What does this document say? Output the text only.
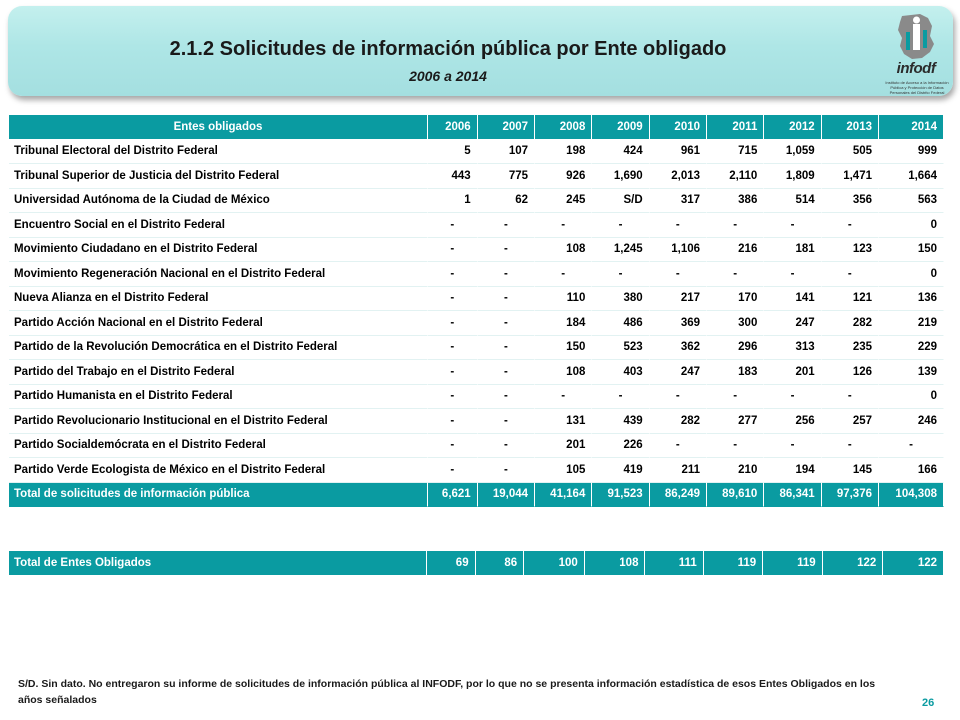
2.1.2 Solicitudes de información pública por Ente obligado
2006 a 2014	infodf
Instituto de Acceso a la Información Pública y Protección de Datos Personales del Distrito Federal
Entes obligados	2006	2007	2008	2009	2010	2011	2012	2013	2014
Tribunal Electoral del Distrito Federal	5	107	198	424	961	715	1,059	505	999
Tribunal Superior de Justicia del Distrito Federal	443	775	926	1,690	2,013	2,110	1,809	1,471	1,664
Universidad Autónoma de la Ciudad de México	1	62	245	S/D	317	386	514	356	563
Encuentro Social en el Distrito Federal	-	-	-	-	-	-	-	-	0
Movimiento Ciudadano en el Distrito Federal	-	-	108	1,245	1,106	216	181	123	150
Movimiento Regeneración Nacional en el Distrito Federal	-	-	-	-	-	-	-	-	0
Nueva Alianza en el Distrito Federal	-	-	110	380	217	170	141	121	136
Partido Acción Nacional en el Distrito Federal	-	-	184	486	369	300	247	282	219
Partido de la Revolución Democrática en el Distrito Federal	-	-	150	523	362	296	313	235	229
Partido del Trabajo en el Distrito Federal	-	-	108	403	247	183	201	126	139
Partido Humanista en el Distrito Federal	-	-	-	-	-	-	-	-	0
Partido Revolucionario Institucional en el Distrito Federal	-	-	131	439	282	277	256	257	246
Partido Socialdemócrata en el Distrito Federal	-	-	201	226	-	-	-	-	-
Partido Verde Ecologista de México en el Distrito Federal	-	-	105	419	211	210	194	145	166
Total de solicitudes de información pública	6,621	19,044	41,164	91,523	86,249	89,610	86,341	97,376	104,308
Total de Entes Obligados	69	86	100	108	111	119	119	122	122
S/D. Sin dato. No entregaron su informe de solicitudes de información pública al INFODF, por lo que no se presenta información estadística de esos Entes Obligados en los años señalados	26
